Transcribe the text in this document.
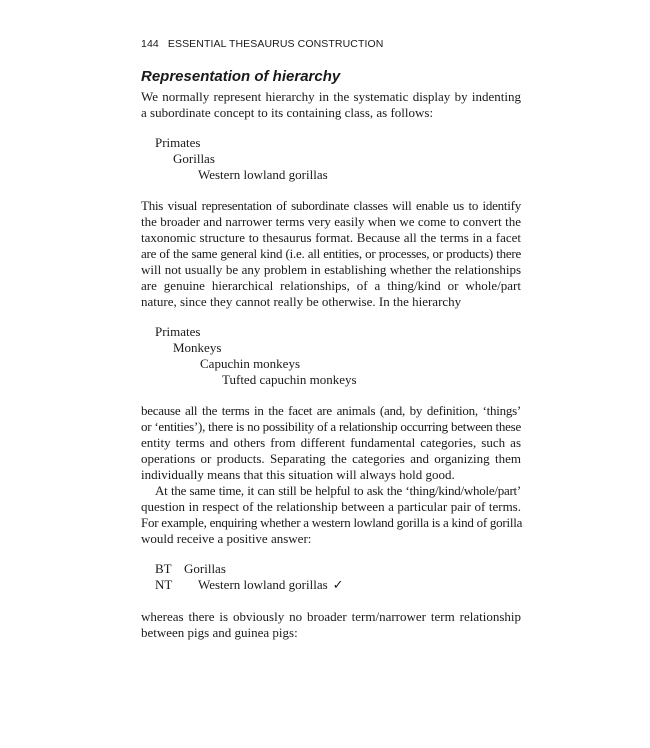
144 ESSENTIAL THESAURUS CONSTRUCTION
Representation of hierarchy
We normally represent hierarchy in the systematic display by indenting
a subordinate concept to its containing class, as follows:
Primates
Gorillas
Western lowland gorillas
This visual representation of subordinate classes will enable us to identify
the broader and narrower terms very easily when we come to convert the
taxonomic structure to thesaurus format. Because all the terms in a facet
are of the same general kind (i.e. all entities, or processes, or products) there
will not usually be any problem in establishing whether the relationships
are genuine hierarchical relationships, of a thing/kind or whole/part
nature, since they cannot really be otherwise. In the hierarchy
Primates
Monkeys
Capuchin monkeys
Tufted capuchin monkeys
because all the terms in the facet are animals (and, by definition, ‘things’
or ‘entities’), there is no possibility of a relationship occurring between these
entity terms and others from different fundamental categories, such as
operations or products. Separating the categories and organizing them
individually means that this situation will always hold good.
At the same time, it can still be helpful to ask the ‘thing/kind/whole/part’
question in respect of the relationship between a particular pair of terms.
For example, enquiring whether a western lowland gorilla is a kind of gorilla
would receive a positive answer:
BT Gorillas
NT Western lowland gorillas ✓
whereas there is obviously no broader term/narrower term relationship
between pigs and guinea pigs:
